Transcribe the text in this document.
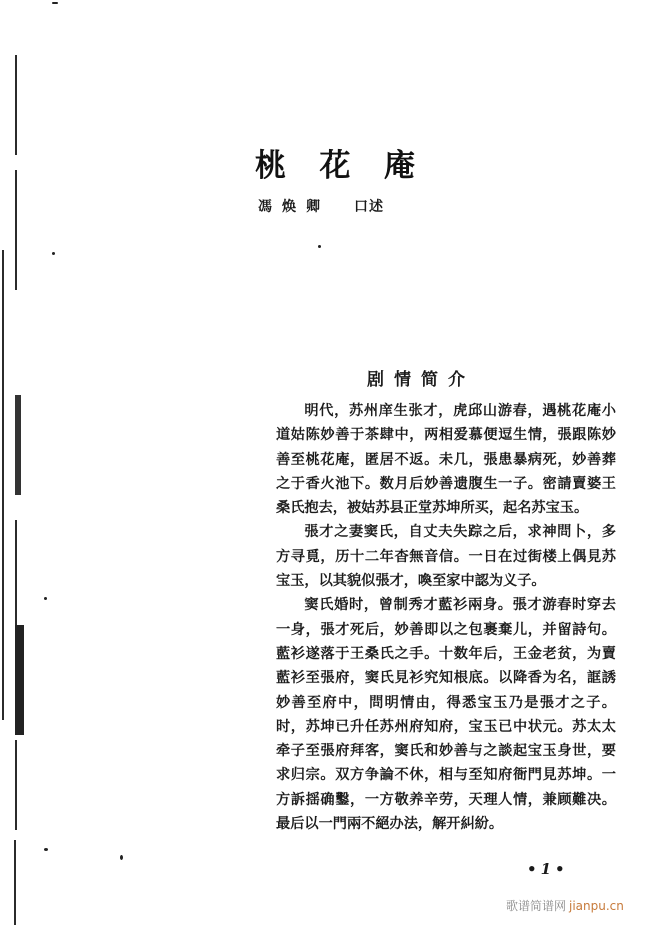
桃 花 庵
馮焕卿 口述
剧情简介

明代，苏州庠生张才，虎邱山游春，遇桃花庵小道姑陈妙善于茶肆中，两相爱慕便逗生情，張跟陈妙善至桃花庵，匿居不返。未几，張患暴病死，妙善葬之于香火池下。数月后妙善遗腹生一子。密請賣婆王桑氏抱去，被姑苏县正堂苏坤所买，起名苏宝玉。

張才之妻窦氏，自丈夫失踪之后，求神問卜，多方寻覓，历十二年杳無音信。一日在过街楼上偶見苏宝玉，以其貌似張才，喚至家中認为义子。

窦氏婚时，曾制秀才藍衫兩身。張才游春时穿去一身，張才死后，妙善即以之包裹棄儿，并留詩句。藍衫遂落于王桑氏之手。十数年后，王金老贫，为賣藍衫至張府，窦氏見衫究知根底。以降香为名，誆誘妙善至府中，問明情由，得悉宝玉乃是張才之子。时，苏坤已升任苏州府知府，宝玉已中状元。苏太太牵子至張府拜客，窦氏和妙善与之談起宝玉身世，要求归宗。双方争論不休，相与至知府衙門見苏坤。一方訴揺确鑿，一方敬养辛劳，天理人情，兼顾難决。最后以一門兩不絕办法，解开糾紛。

•1•
歌谱简谱网 jianpu.cn
